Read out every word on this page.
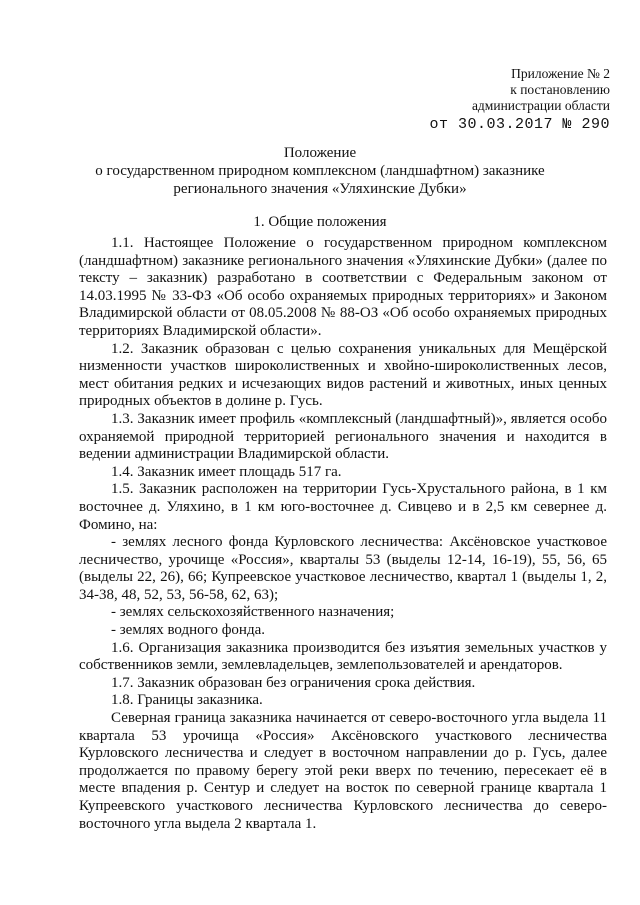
Приложение № 2
к постановлению
администрации области
от 30.03.2017 № 290
Положение
о государственном природном комплексном (ландшафтном) заказнике
регионального значения «Уляхинские Дубки»
1. Общие положения

1.1. Настоящее Положение о государственном природном комплексном (ландшафтном) заказнике регионального значения «Уляхинские Дубки» (далее по тексту – заказник) разработано в соответствии с Федеральным законом от 14.03.1995 № 33-ФЗ «Об особо охраняемых природных территориях» и Законом Владимирской области от 08.05.2008 № 88-ОЗ «Об особо охраняемых природных территориях Владимирской области».

1.2. Заказник образован с целью сохранения уникальных для Мещёрской низменности участков широколиственных и хвойно-широколиственных лесов, мест обитания редких и исчезающих видов растений и животных, иных ценных природных объектов в долине р. Гусь.

1.3. Заказник имеет профиль «комплексный (ландшафтный)», является особо охраняемой природной территорией регионального значения и находится в ведении администрации Владимирской области.

1.4. Заказник имеет площадь 517 га.

1.5. Заказник расположен на территории Гусь-Хрустального района, в 1 км восточнее д. Уляхино, в 1 км юго-восточнее д. Сивцево и в 2,5 км севернее д. Фомино, на:

- землях лесного фонда Курловского лесничества: Аксёновское участковое лесничество, урочище «Россия», кварталы 53 (выделы 12-14, 16-19), 55, 56, 65 (выделы 22, 26), 66; Купреевское участковое лесничество, квартал 1 (выделы 1, 2, 34-38, 48, 52, 53, 56-58, 62, 63);

- землях сельскохозяйственного назначения;

- землях водного фонда.

1.6. Организация заказника производится без изъятия земельных участков у собственников земли, землевладельцев, землепользователей и арендаторов.

1.7. Заказник образован без ограничения срока действия.

1.8. Границы заказника.

Северная граница заказника начинается от северо-восточного угла выдела 11 квартала 53 урочища «Россия» Аксёновского участкового лесничества Курловского лесничества и следует в восточном направлении до р. Гусь, далее продолжается по правому берегу этой реки вверх по течению, пересекает её в месте впадения р. Сентур и следует на восток по северной границе квартала 1 Купреевского участкового лесничества Курловского лесничества до северо-восточного угла выдела 2 квартала 1.
